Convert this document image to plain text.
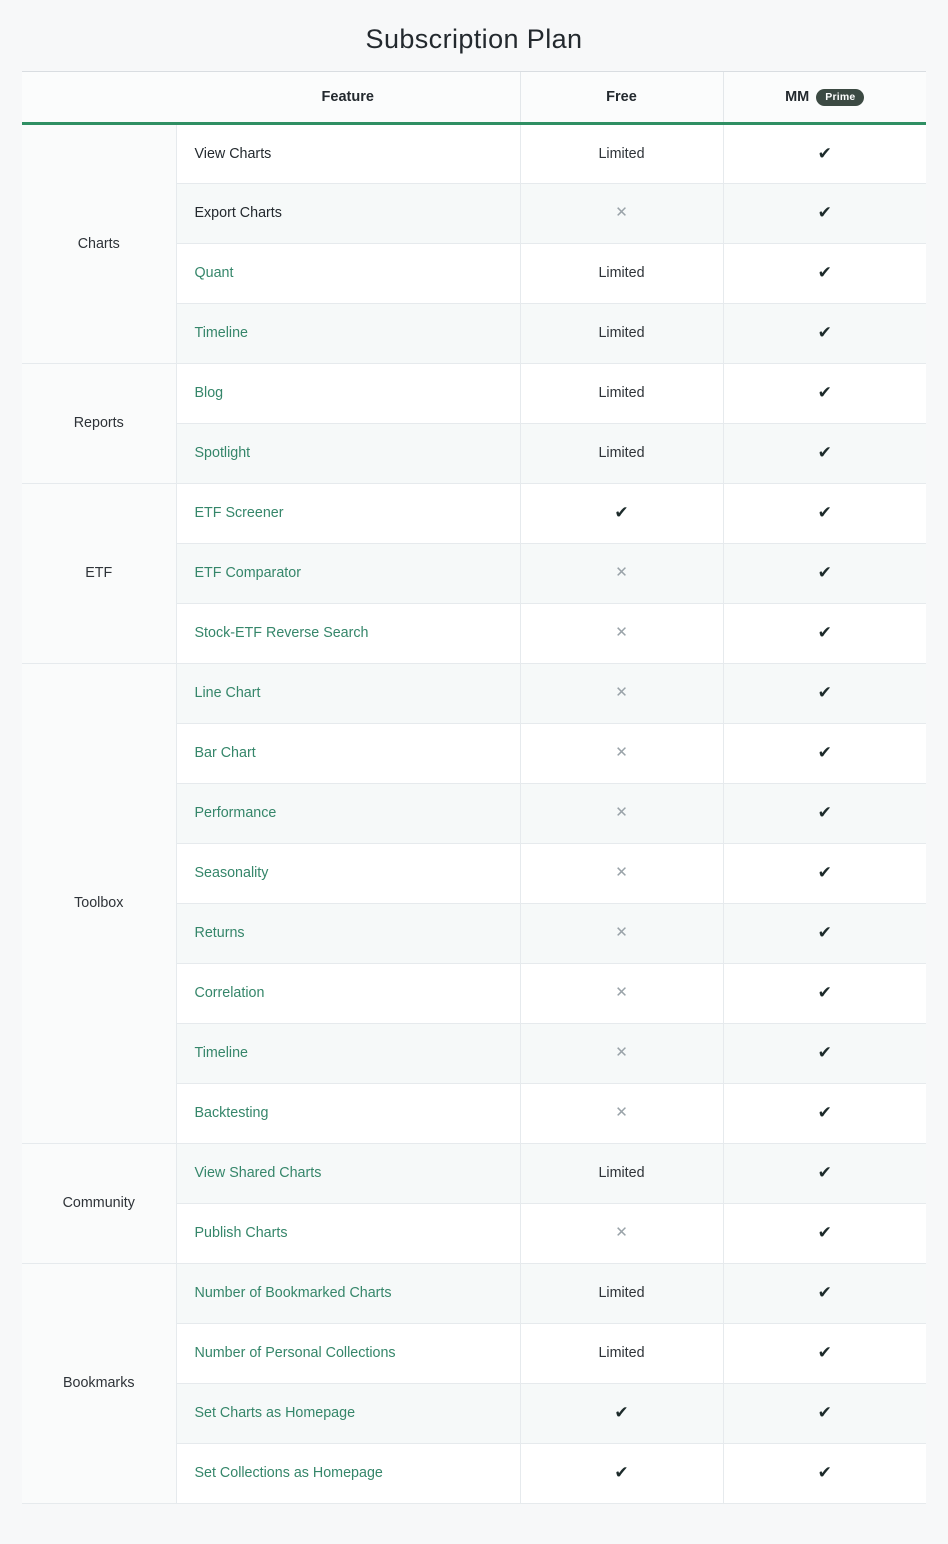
Subscription Plan
	Feature	Free	MM Prime

Charts	View Charts	Limited	✔
	Export Charts	✕	✔
	Quant	Limited	✔
	Timeline	Limited	✔
Reports	Blog	Limited	✔
	Spotlight	Limited	✔
ETF	ETF Screener	✔	✔
	ETF Comparator	✕	✔
	Stock-ETF Reverse Search	✕	✔
Toolbox	Line Chart	✕	✔
	Bar Chart	✕	✔
	Performance	✕	✔
	Seasonality	✕	✔
	Returns	✕	✔
	Correlation	✕	✔
	Timeline	✕	✔
	Backtesting	✕	✔
Community	View Shared Charts	Limited	✔
	Publish Charts	✕	✔
Bookmarks	Number of Bookmarked Charts	Limited	✔
	Number of Personal Collections	Limited	✔
	Set Charts as Homepage	✔	✔
	Set Collections as Homepage	✔	✔
